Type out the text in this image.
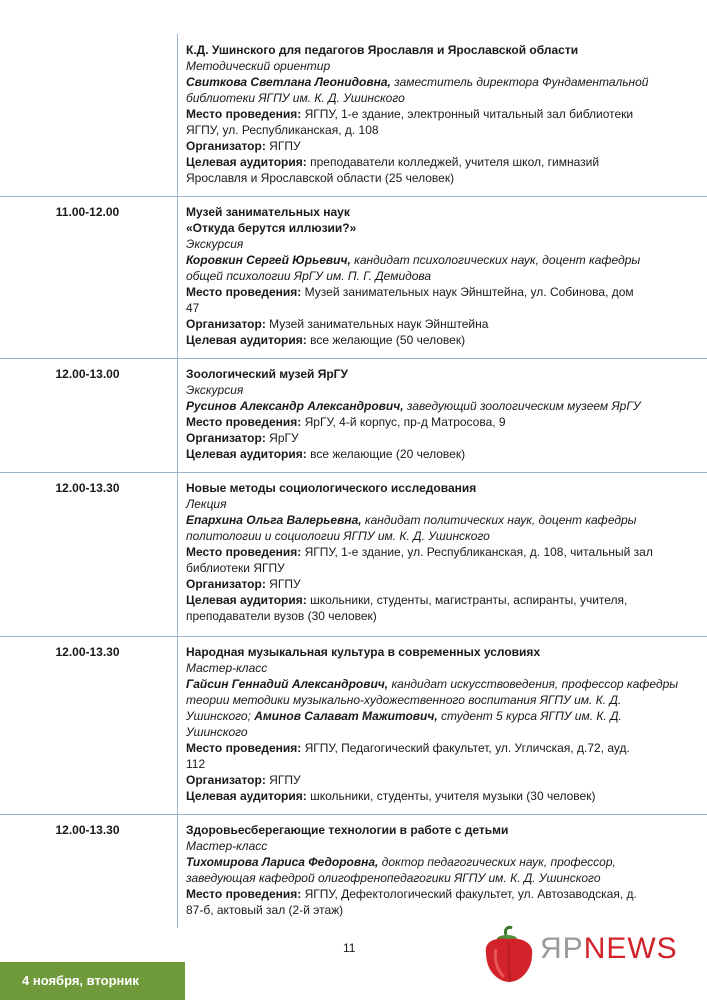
К.Д. Ушинского для педагогов Ярославля и Ярославской области
Методический ориентир
Свиткова Светлана Леонидовна, заместитель директора Фундаментальной
библиотеки ЯГПУ им. К. Д. Ушинского
Место проведения: ЯГПУ, 1-е здание, электронный читальный зал библиотеки
ЯГПУ, ул. Республиканская, д. 108
Организатор: ЯГПУ
Целевая аудитория: преподаватели колледжей, учителя школ, гимназий
Ярославля и Ярославской области (25 человек)
11.00-12.00	Музей занимательных наук
«Откуда берутся иллюзии?»
Экскурсия
Коровкин Сергей Юрьевич, кандидат психологических наук, доцент кафедры
общей психологии ЯрГУ им. П. Г. Демидова
Место проведения: Музей занимательных наук Эйнштейна, ул. Собинова, дом
47
Организатор: Музей занимательных наук Эйнштейна
Целевая аудитория: все желающие (50 человек)
12.00-13.00	Зоологический музей ЯрГУ
Экскурсия
Русинов Александр Александрович, заведующий зоологическим музеем ЯрГУ
Место проведения: ЯрГУ, 4-й корпус, пр-д Матросова, 9
Организатор: ЯрГУ
Целевая аудитория: все желающие (20 человек)
12.00-13.30	Новые методы социологического исследования
Лекция
Епархина Ольга Валерьевна, кандидат политических наук, доцент кафедры
политологии и социологии ЯГПУ им. К. Д. Ушинского
Место проведения: ЯГПУ, 1-е здание, ул. Республиканская, д. 108, читальный зал
библиотеки ЯГПУ
Организатор: ЯГПУ
Целевая аудитория: школьники, студенты, магистранты, аспиранты, учителя,
преподаватели вузов (30 человек)
12.00-13.30	Народная музыкальная культура в современных условиях
Мастер-класс
Гайсин Геннадий Александрович, кандидат искусствоведения, профессор кафедры
теории методики музыкально-художественного воспитания ЯГПУ им. К. Д.
Ушинского; Аминов Салават Мажитович, студент 5 курса ЯГПУ им. К. Д.
Ушинского
Место проведения: ЯГПУ, Педагогический факультет, ул. Угличская, д.72, ауд.
112
Организатор: ЯГПУ
Целевая аудитория: школьники, студенты, учителя музыки (30 человек)
12.00-13.30	Здоровьесберегающие технологии в работе с детьми
Мастер-класс
Тихомирова Лариса Федоровна, доктор педагогических наук, профессор,
заведующая кафедрой олигофренопедагогики ЯГПУ им. К. Д. Ушинского
Место проведения: ЯГПУ, Дефектологический факультет, ул. Автозаводская, д.
87-б, актовый зал (2-й этаж)
11	ЯРNEWS
4 ноября, вторник
